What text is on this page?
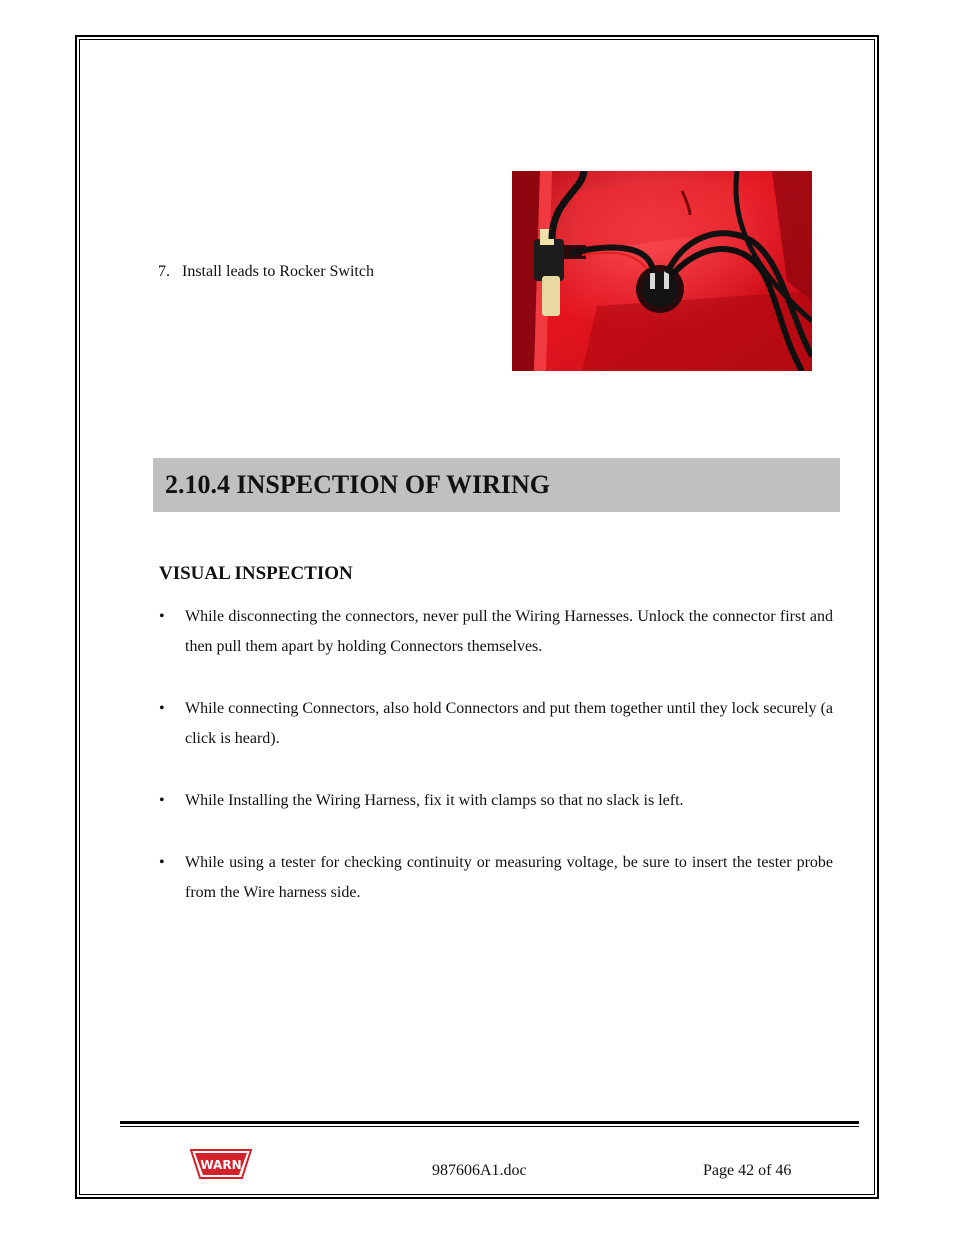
7. Install leads to Rocker Switch
2.10.4 INSPECTION OF WIRING
VISUAL INSPECTION
• While disconnecting the connectors, never pull the Wiring Harnesses. Unlock the connector first and then pull them apart by holding Connectors themselves.
• While connecting Connectors, also hold Connectors and put them together until they lock securely (a click is heard).
• While Installing the Wiring Harness, fix it with clamps so that no slack is left.
• While using a tester for checking continuity or measuring voltage, be sure to insert the tester probe from the Wire harness side.
WARN	987606A1.doc	Page 42 of 46
